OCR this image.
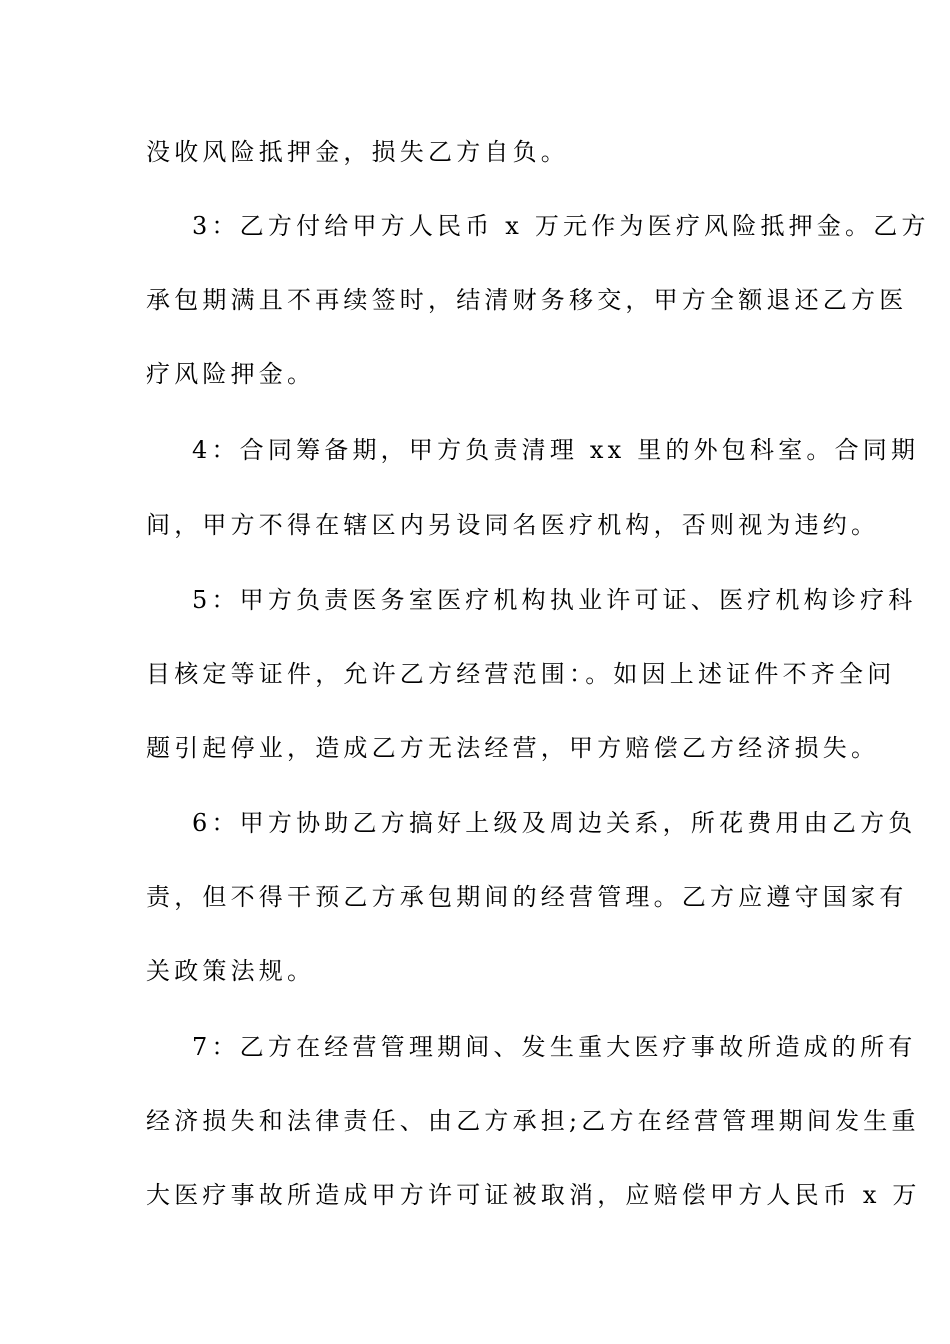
没收风险抵押金，损失乙方自负。
3：乙方付给甲方人民币 x 万元作为医疗风险抵押金。乙方
承包期满且不再续签时，结清财务移交，甲方全额退还乙方医
疗风险押金。
4：合同筹备期，甲方负责清理 xx 里的外包科室。合同期
间，甲方不得在辖区内另设同名医疗机构，否则视为违约。
5：甲方负责医务室医疗机构执业许可证、医疗机构诊疗科
目核定等证件，允许乙方经营范围：。如因上述证件不齐全问
题引起停业，造成乙方无法经营，甲方赔偿乙方经济损失。
6：甲方协助乙方搞好上级及周边关系，所花费用由乙方负
责，但不得干预乙方承包期间的经营管理。乙方应遵守国家有
关政策法规。
7：乙方在经营管理期间、发生重大医疗事故所造成的所有
经济损失和法律责任、由乙方承担;乙方在经营管理期间发生重
大医疗事故所造成甲方许可证被取消，应赔偿甲方人民币 x 万
